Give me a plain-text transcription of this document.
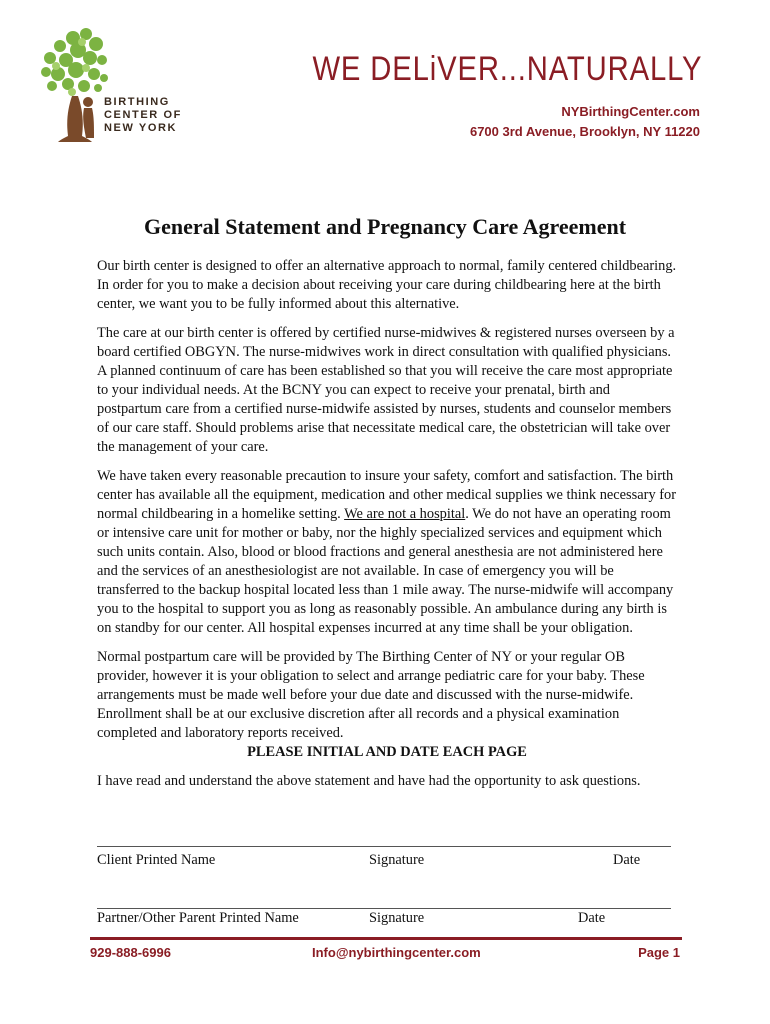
BIRTHING
CENTER OF
NEW YORK
WE DELiVER...NATURALLY
NYBirthingCenter.com
6700 3rd Avenue, Brooklyn, NY 11220
General Statement and Pregnancy Care Agreement

Our birth center is designed to offer an alternative approach to normal, family centered childbearing. In order for you to make a decision about receiving your care during childbearing here at the birth center, we want you to be fully informed about this alternative.

The care at our birth center is offered by certified nurse-midwives & registered nurses overseen by a board certified OBGYN. The nurse-midwives work in direct consultation with qualified physicians. A planned continuum of care has been established so that you will receive the care most appropriate to your individual needs. At the BCNY you can expect to receive your prenatal, birth and postpartum care from a certified nurse-midwife assisted by nurses, students and counselor members of our care staff. Should problems arise that necessitate medical care, the obstetrician will take over the management of your care.

We have taken every reasonable precaution to insure your safety, comfort and satisfaction. The birth center has available all the equipment, medication and other medical supplies we think necessary for normal childbearing in a homelike setting. We are not a hospital. We do not have an operating room or intensive care unit for mother or baby, nor the highly specialized services and equipment which such units contain. Also, blood or blood fractions and general anesthesia are not administered here and the services of an anesthesiologist are not available. In case of emergency you will be transferred to the backup hospital located less than 1 mile away. The nurse-midwife will accompany you to the hospital to support you as long as reasonably possible. An ambulance during any birth is on standby for our center. All hospital expenses incurred at any time shall be your obligation.

Normal postpartum care will be provided by The Birthing Center of NY or your regular OB provider, however it is your obligation to select and arrange pediatric care for your baby. These arrangements must be made well before your due date and discussed with the nurse-midwife. Enrollment shall be at our exclusive discretion after all records and a physical examination completed and laboratory reports received.

PLEASE INITIAL AND DATE EACH PAGE

I have read and understand the above statement and have had the opportunity to ask questions.

Client Printed Name	Signature	Date
Partner/Other Parent Printed Name	Signature	Date
929-888-6996	Info@nybirthingcenter.com	Page 1
